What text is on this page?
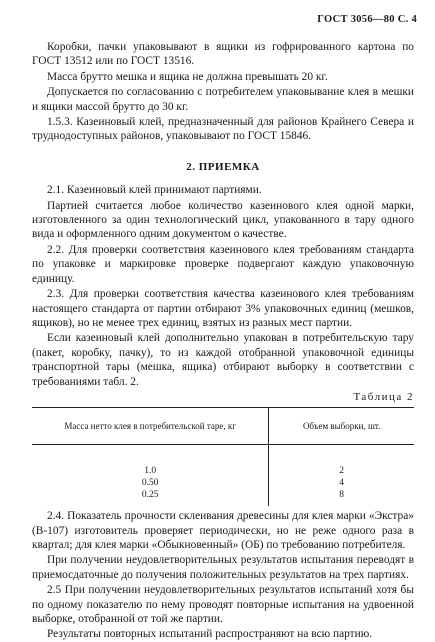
ГОСТ 3056—80 С. 4

Коробки, пачки упаковывают в ящики из гофрированного картона по ГОСТ 13512 или по ГОСТ 13516.

Масса брутто мешка и ящика не должна превышать 20 кг.

Допускается по согласованию с потребителем упаковывание клея в мешки и ящики массой брутто до 30 кг.

1.5.3. Казеиновый клей, предназначенный для районов Крайнего Севера и труднодоступных районов, упаковывают по ГОСТ 15846.

2. ПРИЕМКА

2.1. Казеиновый клей принимают партиями.

Партией считается любое количество казеинового клея одной марки, изготовленного за один технологический цикл, упакованного в тару одного вида и оформленного одним документом о качестве.

2.2. Для проверки соответствия казеинового клея требованиям стандарта по упаковке и маркировке проверке подвергают каждую упаковочную единицу.

2.3. Для проверки соответствия качества казеинового клея требованиям настоящего стандарта от партии отбирают 3% упаковочных единиц (мешков, ящиков), но не менее трех единиц, взятых из разных мест партии.

Если казеиновый клей дополнительно упакован в потребительскую тару (пакет, коробку, пачку), то из каждой отобранной упаковочной единицы транспортной тары (мешка, ящика) отбирают выборку в соответствии с требованиями табл. 2.

Таблица 2
Масса нетто клея в потребительской таре, кг	Объем выборки, шт.
1.0	2
0.50	4
0.25	8

2.4. Показатель прочности склеивания древесины для клея марки «Экстра» (В-107) изготовитель проверяет периодически, но не реже одного раза в квартал; для клея марки «Обыкновенный» (ОБ) по требованию потребителя.

При получении неудовлетворительных результатов испытания переводят в приемосдаточные до получения положительных результатов на трех партиях.

2.5 При получении неудовлетворительных результатов испытаний хотя бы по одному показателю по нему проводят повторные испытания на удвоенной выборке, отобранной от той же партии.

Результаты повторных испытаний распространяют на всю партию.
